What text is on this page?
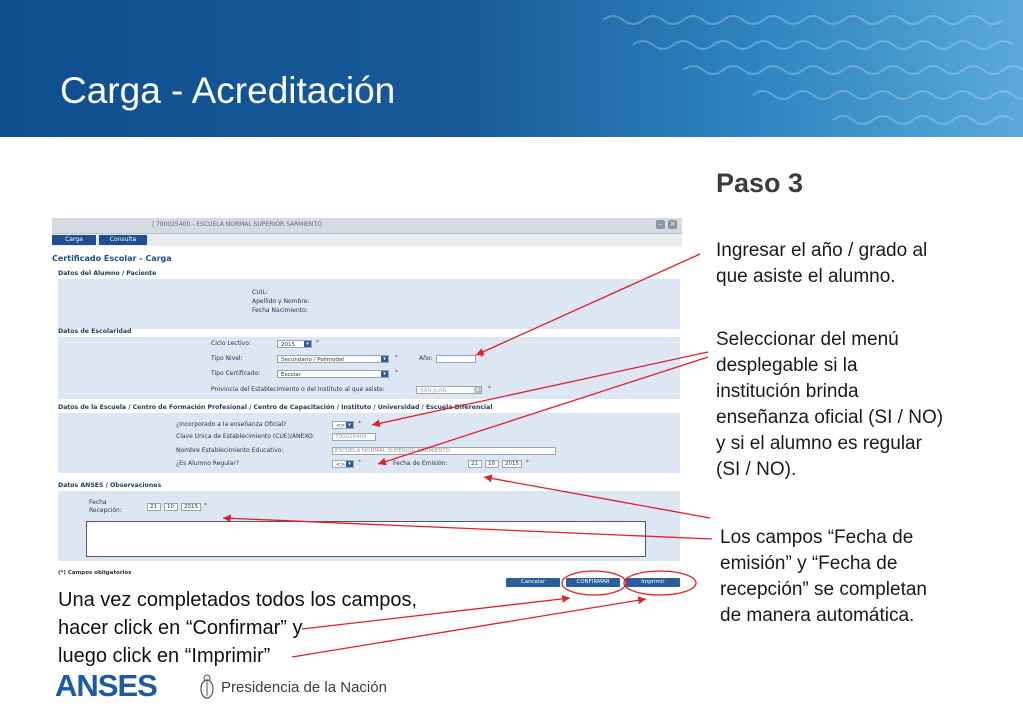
Carga - Acreditación
| 700025400 - ESCUELA NORMAL SUPERIOR SARMIENTO	–	×
Carga	Consulta
Certificado Escolar - Carga
Datos del Alumno / Paciente
CUIL:
Apellido y Nombre:
Fecha Nacimiento:
Datos de Escolaridad
Ciclo Lectivo:	2015	▾	*
Tipo Nivel:	Secundario / Polimodal	▾	*	Año:	*
Tipo Certificado:	Escolar	▾	*
Provincia del Establecimiento o del Instituto al que asiste:	SAN JUAN	▾	*
Datos de la Escuela / Centro de Formación Profesional / Centro de Capacitación / Instituto / Universidad / Escuela Diferencial
¿Incorporado a la enseñanza Oficial?	<> ▾	*
Clave Unica de Establecimiento (CUE)/ANEXO:	700025400
Nombre Establecimiento Educativo:	ESCUELA NORMAL SUPERIOR SARMIENTO
¿Es Alumno Regular?	<> ▾	*	Fecha de Emisión:	21	10	2015	*
Datos ANSES / Observaciones
Fecha
Recepción:	21	10	2015	*
(*) Campos obligatorios
Cancelar	CONFIRMAR	Imprimir
Paso 3
Ingresar el año / grado al
que asiste el alumno.
Seleccionar del menú
desplegable si la
institución brinda
enseñanza oficial (SI / NO)
y si el alumno es regular
(SI / NO).
Los campos “Fecha de
emisión” y “Fecha de
recepción” se completan
de manera automática.
Una vez completados todos los campos,
hacer click en “Confirmar” y
luego click en “Imprimir”
ANSES	Presidencia de la Nación
